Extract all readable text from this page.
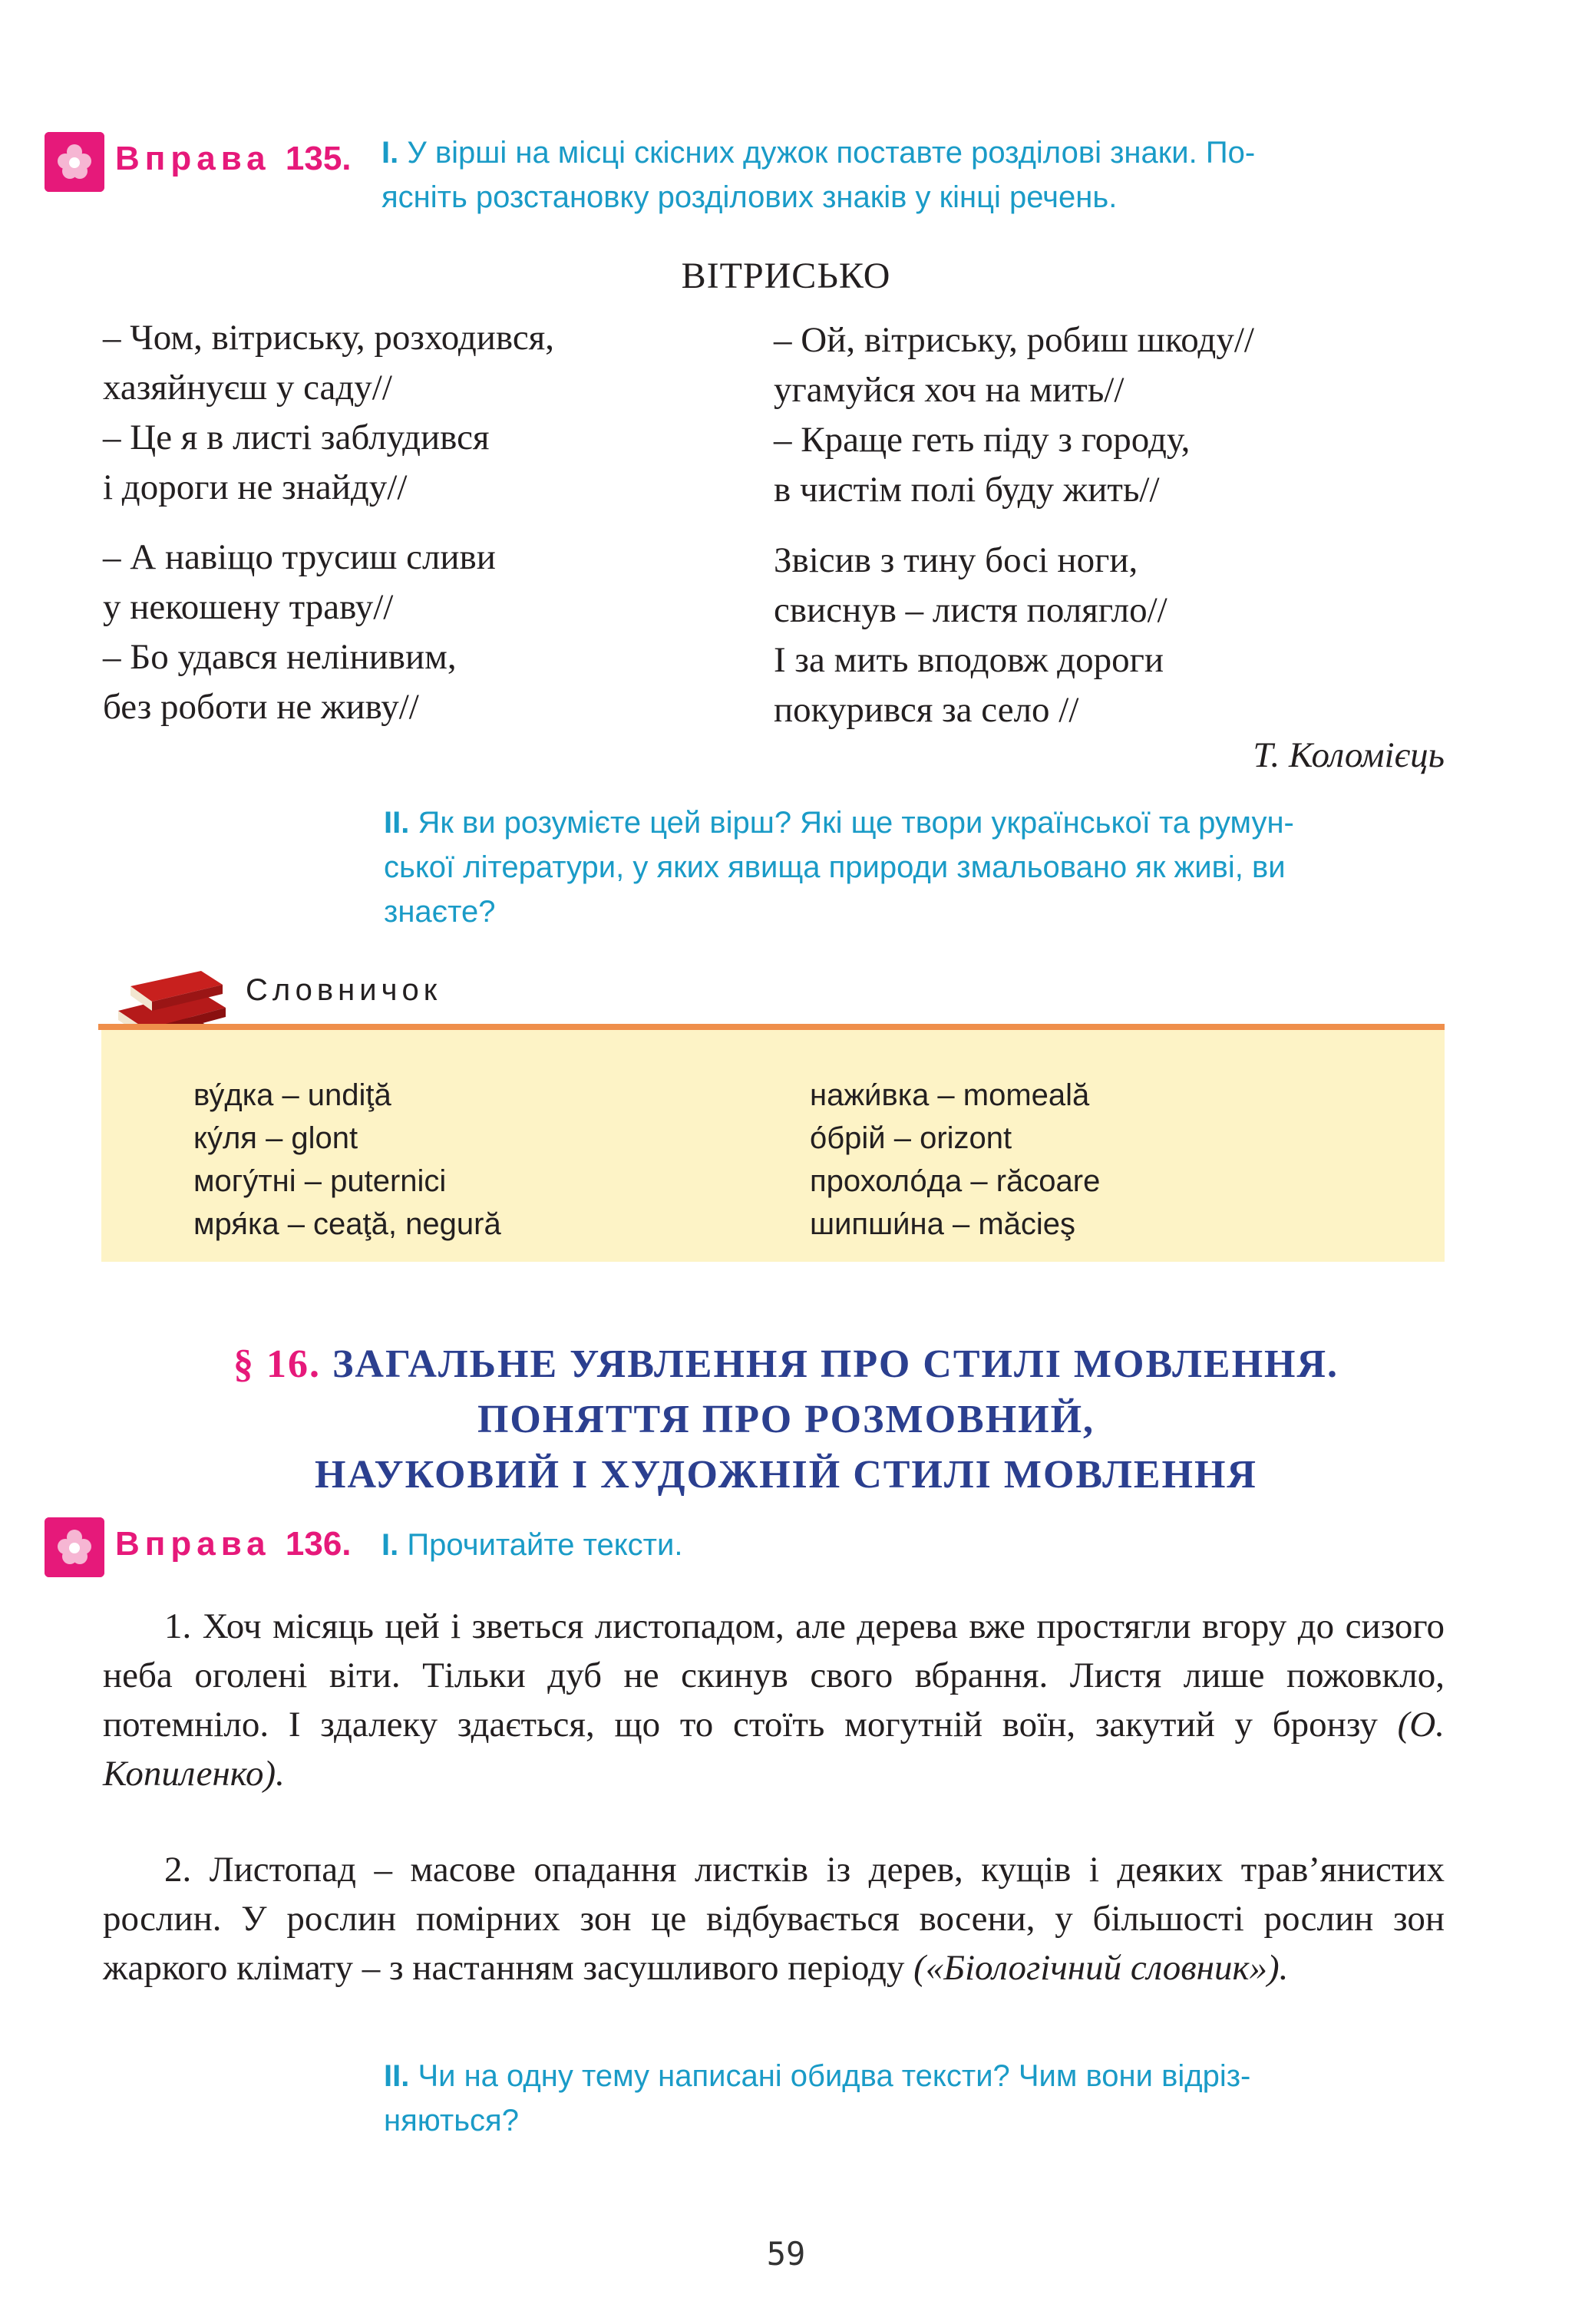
Вправа 135. І. У вірші на місці скісних дужок поставте розділові знаки. По-
ясніть розстановку розділових знаків у кінці речень.
ВІТРИСЬКО
– Чом, вітриську, розходився,
хазяйнуєш у саду//
– Це я в листі заблудився
і дороги не знайду//
– Ой, вітриську, робиш шкоду//
угамуйся хоч на мить//
– Краще геть піду з городу,
в чистім полі буду жить//
– А навіщо трусиш сливи
у некошену траву//
– Бо удався нелінивим,
без роботи не живу//
Звісив з тину босі ноги,
свиснув – листя полягло//
І за мить вподовж дороги
покурився за село //
Т. Коломієць
ІІ. Як ви розумієте цей вірш? Які ще твори української та румун-
ської літератури, у яких явища природи змальовано як живі, ви
знаєте?
Словничок
ву́дка – undiţă
ку́ля – glont
могу́тні – puternici
мря́ка – ceaţă, negură
нажи́вка – momeală
о́брій – orizont
прохоло́да – răcoare
шипши́на – măcieş
§ 16. ЗАГАЛЬНЕ УЯВЛЕННЯ ПРО СТИЛІ МОВЛЕННЯ.
ПОНЯТТЯ ПРО РОЗМОВНИЙ,
НАУКОВИЙ І ХУДОЖНІЙ СТИЛІ МОВЛЕННЯ
Вправа 136. І. Прочитайте тексти.

1. Хоч місяць цей і зветься листопадом, але дерева вже простягли вгору до сизого неба оголені віти. Тільки дуб не скинув свого вбрання. Листя лише пожовкло, потемніло. І здалеку здається, що то стоїть могутній воїн, закутий у бронзу (О. Копиленко).

2. Листопад – масове опадання листків із дерев, кущів і деяких трав’янистих рослин. У рослин помірних зон це відбувається восени, у більшості рослин зон жаркого клімату – з настанням засушливого періоду («Біологічний словник»).

ІІ. Чи на одну тему написані обидва тексти? Чим вони відріз-
няються?
59
